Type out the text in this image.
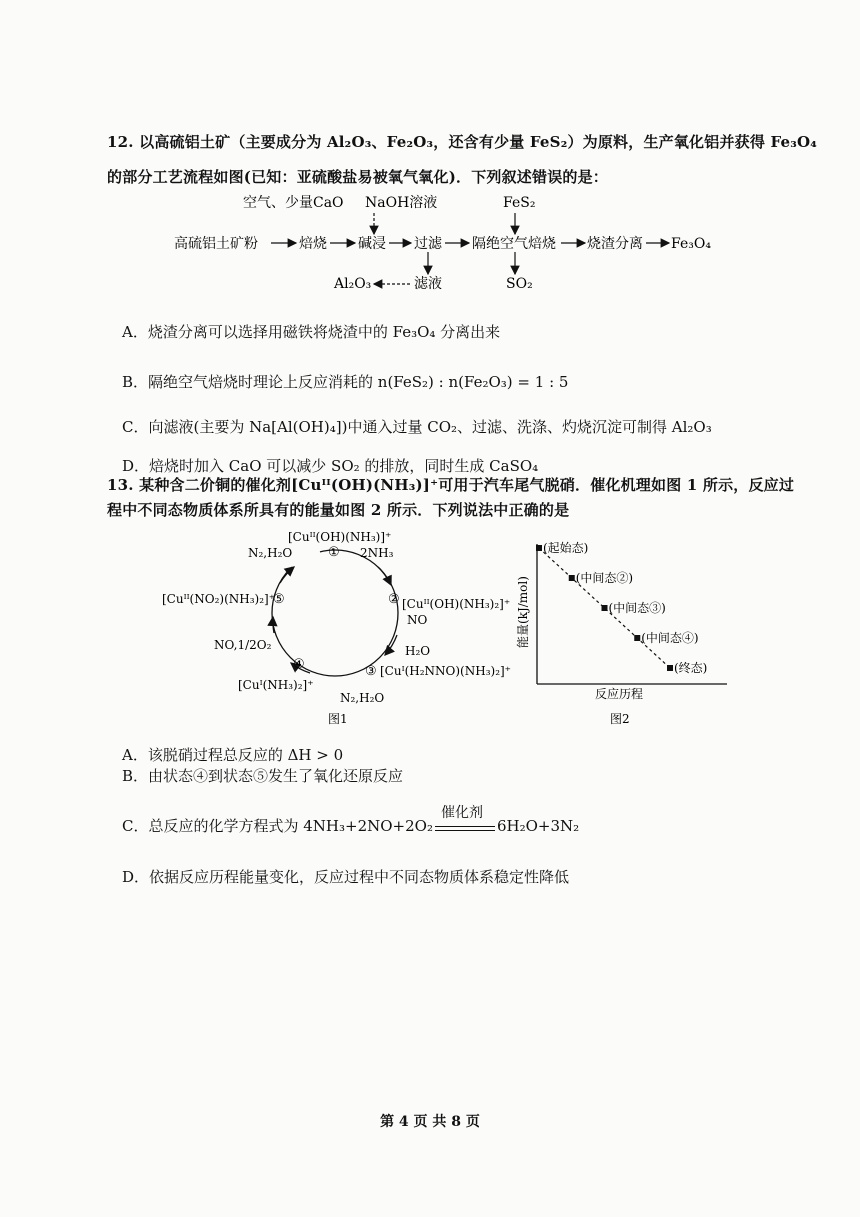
12. 以高硫铝土矿（主要成分为 Al₂O₃、Fe₂O₃，还含有少量 FeS₂）为原料，生产氧化铝并获得 Fe₃O₄
的部分工艺流程如图(已知：亚硫酸盐易被氧气氧化)．下列叙述错误的是：
空气、少量CaO NaOH溶液	FeS₂
高硫铝土矿粉	焙烧 碱浸 过滤 隔绝空气焙烧 烧渣分离 Fe₃O₄
Al₂O₃	滤液	SO₂
A．烧渣分离可以选择用磁铁将烧渣中的 Fe₃O₄ 分离出来
B．隔绝空气焙烧时理论上反应消耗的 n(FeS₂) : n(Fe₂O₃) = 1 : 5
C．向滤液(主要为 Na[Al(OH)₄])中通入过量 CO₂、过滤、洗涤、灼烧沉淀可制得 Al₂O₃
D．焙烧时加入 CaO 可以减少 SO₂ 的排放，同时生成 CaSO₄
13. 某种含二价铜的催化剂[Cuᴵᴵ(OH)(NH₃)]⁺可用于汽车尾气脱硝．催化机理如图 1 所示，反应过
程中不同态物质体系所具有的能量如图 2 所示．下列说法中正确的是
[Cuᴵᴵ(OH)(NH₃)]⁺
①
N₂,H₂O	2NH₃
② [Cuᴵᴵ(OH)(NH₃)₂]⁺
NO
H₂O
③ [Cuᴵ(H₂NNO)(NH₃)₂]⁺
N₂,H₂O
④
[Cuᴵ(NH₃)₂]⁺
NO,1/2O₂
⑤
[Cuᴵᴵ(NO₂)(NH₃)₂]⁺
图1
能量(kJ/mol)
反应历程
图2
(起始态)
(中间态②)
(中间态③)
(中间态④)
(终态)
A．该脱硝过程总反应的 ΔH > 0
B．由状态④到状态⑤发生了氧化还原反应
C．总反应的化学方程式为 4NH₃+2NO+2O₂
催化剂
6H₂O+3N₂
D．依据反应历程能量变化，反应过程中不同态物质体系稳定性降低
第 4 页 共 8 页
